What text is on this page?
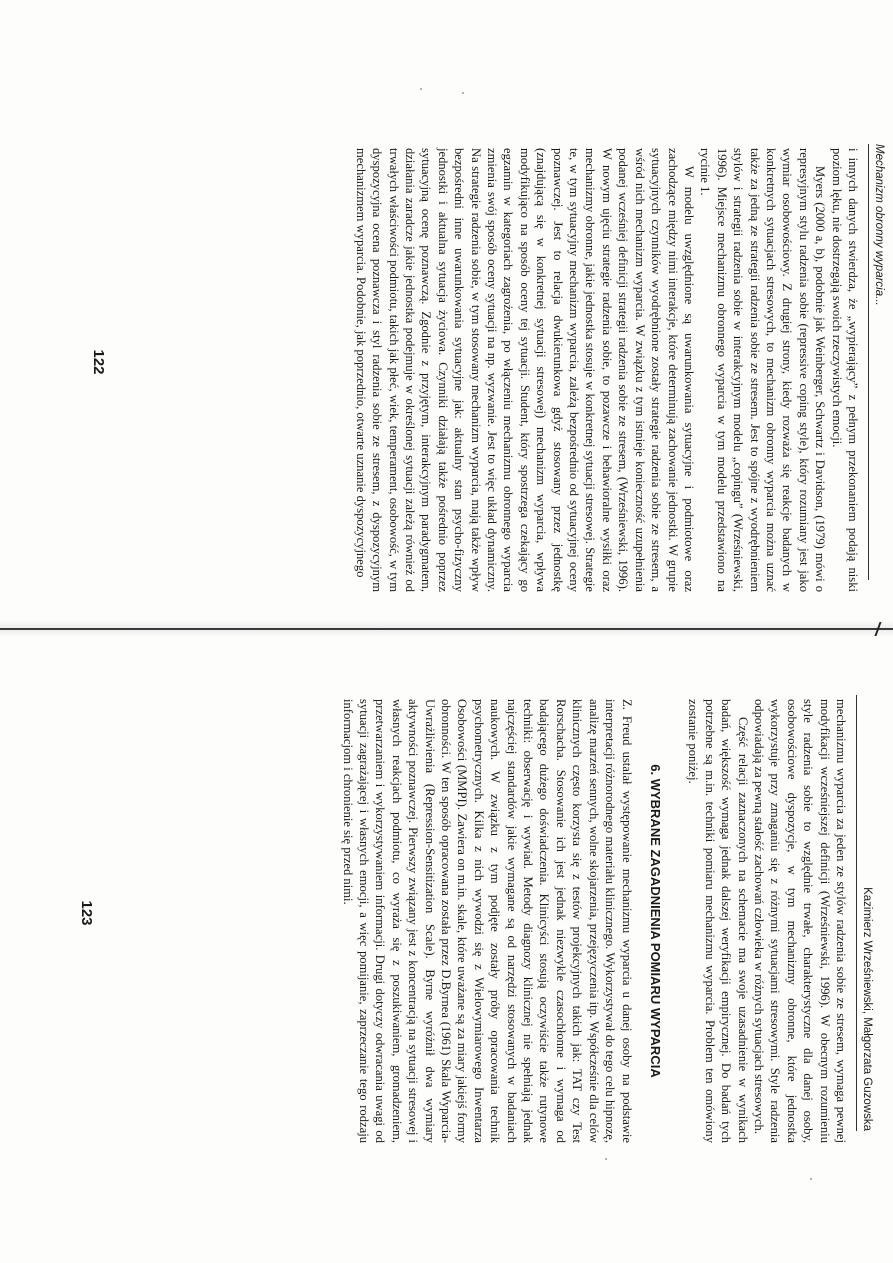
Mechanizm obronny wyparcia...

i innych danych stwierdza, że „wypierający” z pełnym przekonaniem podają niski poziom lęku, nie dostrzegają swoich rzeczywistych emocji.

Myers (2000 a, b), podobnie jak Weinberger, Schwartz i Davidson, (1979) mówi o represyjnym stylu radzenia sobie (repressive coping style), który rozumiany jest jako wymiar osobowościowy. Z drugiej strony, kiedy rozważa się reakcje badanych w konkretnych sytuacjach stresowych, to mechanizm obronny wyparcia można uznać także za jedną ze strategii radzenia sobie ze stresem. Jest to spójne z wyodrębnieniem stylów i strategii radzenia sobie w interakcyjnym modelu „copingu” (Wrześniewski, 1996). Miejsce mechanizmu obronnego wyparcia w tym modelu przedstawiono na rycinie 1.

W modelu uwzględnione są uwarunkowania sytuacyjne i podmiotowe oraz zachodzące między nimi interakcje, które determinują zachowanie jednostki. W grupie sytuacyjnych czynników wyodrębnione zostały strategie radzenia sobie ze stresem, a wśród nich mechanizm wyparcia. W związku z tym istnieje konieczność uzupełnienia podanej wcześniej definicji strategii radzenia sobie ze stresem, (Wrześniewski, 1996). W nowym ujęciu strategie radzenia sobie, to pozawcze i behawioralne wysiłki oraz mechanizmy obronne, jakie jednostka stosuje w konkretnej sytuacji stresowej. Strategie te, w tym sytuacyjny mechanizm wyparcia, zależą bezpośrednio od sytuacyjnej oceny poznawczej. Jest to relacja dwukierunkowa gdyż stosowany przez jednostkę (znajdującą się w konkretnej sytuacji stresowej) mechanizm wyparcia, wpływa modyfikująco na sposób oceny tej sytuacji. Student, który spostrzega czekający go egzamin w kategoriach zagrożenia, po włączeniu mechanizmu obronnego wyparcia zmienia swój sposób oceny sytuacji na np. wyzwanie. Jest to więc układ dynamiczny. Na strategie radzenia sobie, w tym stosowany mechanizm wyparcia, mają także wpływ bezpośredni inne uwarunkowania sytuacyjne jak: aktualny stan psycho-fizyczny jednostki i aktualna sytuacja życiowa. Czynniki działają także pośrednio poprzez sytuacyjną ocenę poznawczą. Zgodnie z przyjętym, interakcyjnym paradygmatem, działania zaradcze jakie jednostka podejmuje w określonej sytuacji zależą również od trwałych właściwości podmiotu, takich jak płeć, wiek, temperament, osobowość, w tym dyspozycyjna ocena poznawcza i styl radzenia sobie ze stresem, z dyspozycyjnym mechanizmem wyparcia. Podobnie, jak poprzednio, otwarte uznanie dyspozycyjnego

122
Kazimierz Wrześniewski, Małgorzata Guzowska

mechanizmu wyparcia za jeden ze stylów radzenia sobie ze stresem, wymaga pewnej modyfikacji wcześniejszej definicji (Wrześniewski, 1996). W obecnym rozumieniu style radzenia sobie to względnie trwałe, charakterystyczne dla danej osoby, osobowościowe dyspozycje, w tym mechanizmy obronne, które jednostka wykorzystuje przy zmaganiu się z różnymi sytuacjami stresowymi. Style radzenia odpowiadają za pewną stałość zachowań człowieka w różnych sytuacjach stresowych.

Część relacji zaznaczonych na schemacie ma swoje uzasadnienie w wynikach badań, większość wymaga jednak dalszej weryfikacji empirycznej. Do badań tych potrzebne są m.in. techniki pomiaru mechanizmu wyparcia. Problem ten omówiony zostanie poniżej.

6. WYBRANE ZAGADNIENIA POMIARU WYPARCIA

Z. Freud ustalał występowanie mechanizmu wyparcia u danej osoby na podstawie interpretacji różnorodnego materiału klinicznego. Wykorzystywał do tego celu hipnozę, analizę marzeń sennych, wolne skojarzenia, przejęzyczenia itp. Współcześnie dla celów klinicznych często korzysta się z testów projekcyjnych takich jak: TAT czy Test Rorschacha. Stosowanie ich jest jednak niezwykle czasochłonne i wymaga od badającego dużego doświadczenia. Klinicyści stosują oczywiście także rutynowe techniki: obserwację i wywiad. Metody diagnozy klinicznej nie spełniają jednak najczęściej standardów jakie wymagane są od narzędzi stosowanych w badaniach naukowych. W związku z tym podjęte zostały próby opracowania technik psychometrycznych. Kilka z nich wywodzi się z Wielowymiarowego Inwentarza Osobowości (MMPI). Zawiera on m.in. skale, które uważane są za miary jakiejś formy obronności. W ten sposób opracowana została przez D.Byrnea (1961) Skala Wyparcia-Uwrażliwienia (Repression-Sensitization Scale). Byrne wyróżnił dwa wymiary aktywności poznawczej. Pierwszy związany jest z koncentracją na sytuacji stresowej i własnych reakcjach podmiotu, co wyraża się z poszukiwaniem, gromadzeniem, przetwarzaniem i wykorzystywaniem informacji. Drugi dotyczy odwracania uwagi od sytuacji zagrażającej i własnych emocji, a więc pomijanie, zaprzeczanie tego rodzaju informacjom i chronienie się przed nimi.

123
